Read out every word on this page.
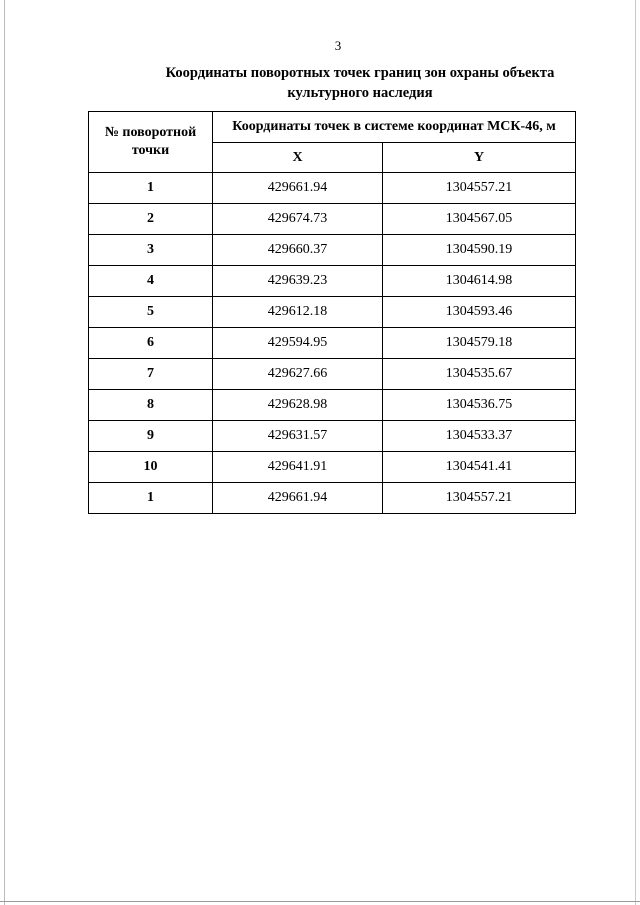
3
Координаты поворотных точек границ зон охраны объекта
культурного наследия
№ поворотной точки	Координаты точек в системе координат МСК-46, м	
	X	Y
1	429661.94	1304557.21
2	429674.73	1304567.05
3	429660.37	1304590.19
4	429639.23	1304614.98
5	429612.18	1304593.46
6	429594.95	1304579.18
7	429627.66	1304535.67
8	429628.98	1304536.75
9	429631.57	1304533.37
10	429641.91	1304541.41
1	429661.94	1304557.21
